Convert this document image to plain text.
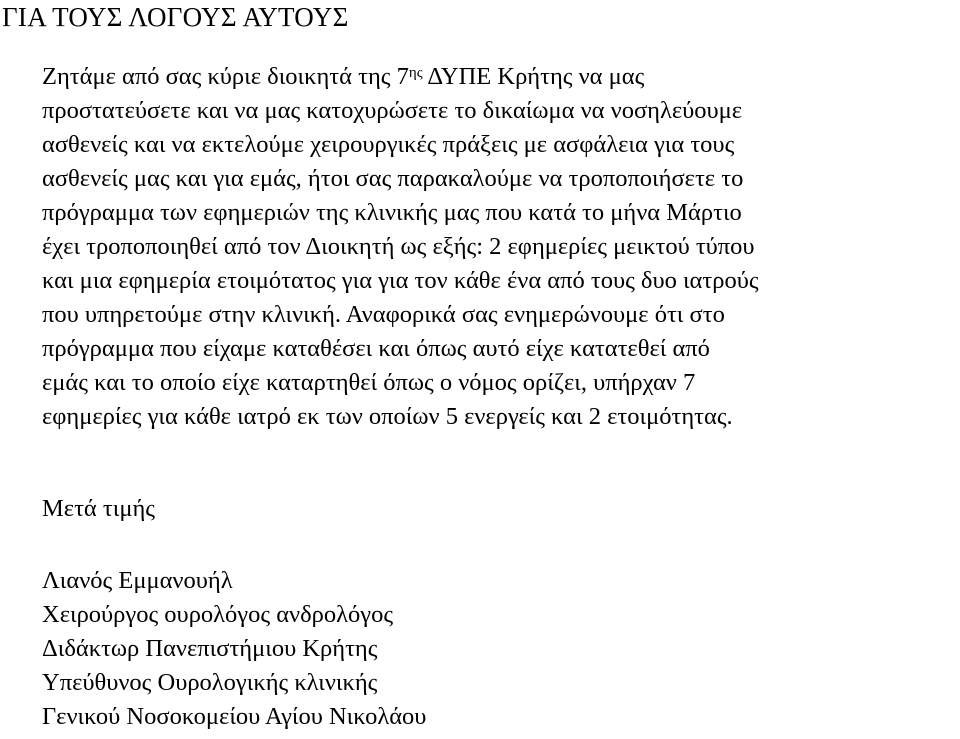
ΓΙΑ ΤΟΥΣ ΛΟΓΟΥΣ ΑΥΤΟΥΣ
Ζητάμε από σας κύριε διοικητά της $7^{\eta\varsigma}$ ΔΥΠΕ Κρήτης να μας
προστατεύσετε και να μας κατοχυρώσετε το δικαίωμα να νοσηλεύουμε
ασθενείς και να εκτελούμε χειρουργικές πράξεις με ασφάλεια για τους
ασθενείς μας και για εμάς, ήτοι σας παρακαλούμε να τροποποιήσετε το
πρόγραμμα των εφημεριών της κλινικής μας που κατά το μήνα Μάρτιο
έχει τροποποιηθεί από τον Διοικητή ως εξής: 2 εφημερίες μεικτού τύπου
και μια εφημερία ετοιμότατος για για τον κάθε ένα από τους δυο ιατρούς
που υπηρετούμε στην κλινική. Αναφορικά σας ενημερώνουμε ότι στο
πρόγραμμα που είχαμε καταθέσει και όπως αυτό είχε κατατεθεί από
εμάς και το οποίο είχε καταρτηθεί όπως ο νόμος ορίζει, υπήρχαν 7
εφημερίες για κάθε ιατρό εκ των οποίων 5 ενεργείς και 2 ετοιμότητας.
Μετά τιμής
Λιανός Εμμανουήλ
Χειρούργος ουρολόγος ανδρολόγος
Διδάκτωρ Πανεπιστήμιου Κρήτης
Υπεύθυνος Ουρολογικής κλινικής
Γενικού Νοσοκομείου Αγίου Νικολάου
